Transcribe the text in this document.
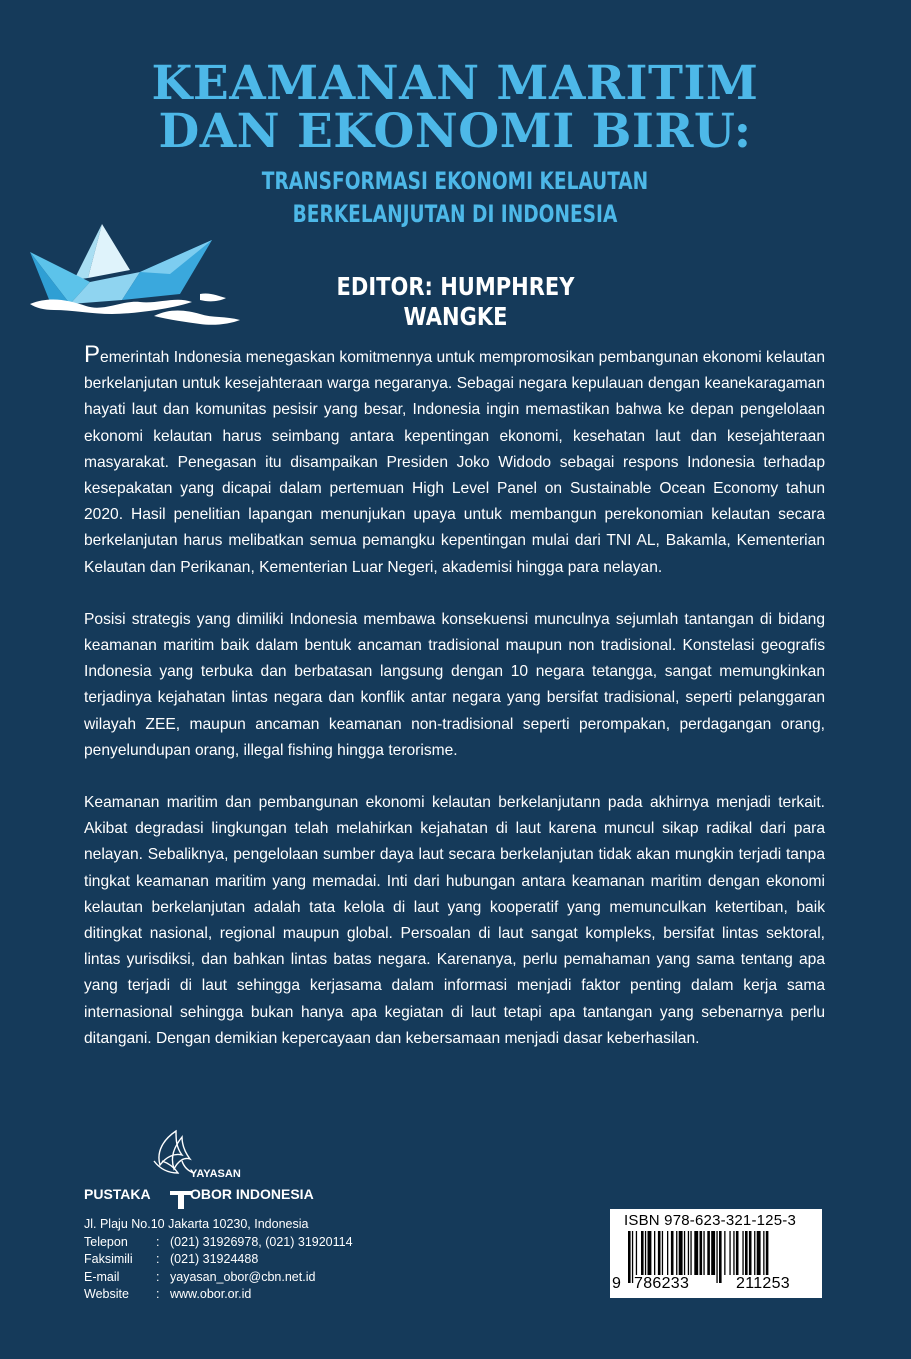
KEAMANAN MARITIM
DAN EKONOMI BIRU:
TRANSFORMASI EKONOMI KELAUTAN
BERKELANJUTAN DI INDONESIA
EDITOR: HUMPHREY WANGKE

Pemerintah Indonesia menegaskan komitmennya untuk mempromosikan pembangunan ekonomi kelautan berkelanjutan untuk kesejahteraan warga negaranya. Sebagai negara kepulauan dengan keanekaragaman hayati laut dan komunitas pesisir yang besar, Indonesia ingin memastikan bahwa ke depan pengelolaan ekonomi kelautan harus seimbang antara kepentingan ekonomi, kesehatan laut dan kesejahteraan masyarakat. Penegasan itu disampaikan Presiden Joko Widodo sebagai respons Indonesia terhadap kesepakatan yang dicapai dalam pertemuan High Level Panel on Sustainable Ocean Economy tahun 2020. Hasil penelitian lapangan menunjukan upaya untuk membangun perekonomian kelautan secara berkelanjutan harus melibatkan semua pemangku kepentingan mulai dari TNI AL, Bakamla, Kementerian Kelautan dan Perikanan, Kementerian Luar Negeri, akademisi hingga para nelayan.

Posisi strategis yang dimiliki Indonesia membawa konsekuensi munculnya sejumlah tantangan di bidang keamanan maritim baik dalam bentuk ancaman tradisional maupun non tradisional. Konstelasi geografis Indonesia yang terbuka dan berbatasan langsung dengan 10 negara tetangga, sangat memungkinkan terjadinya kejahatan lintas negara dan konflik antar negara yang bersifat tradisional, seperti pelanggaran wilayah ZEE, maupun ancaman keamanan non-tradisional seperti perompakan, perdagangan orang, penyelundupan orang, illegal fishing hingga terorisme.

Keamanan maritim dan pembangunan ekonomi kelautan berkelanjutann pada akhirnya menjadi terkait. Akibat degradasi lingkungan telah melahirkan kejahatan di laut karena muncul sikap radikal dari para nelayan. Sebaliknya, pengelolaan sumber daya laut secara berkelanjutan tidak akan mungkin terjadi tanpa tingkat keamanan maritim yang memadai. Inti dari hubungan antara keamanan maritim dengan ekonomi kelautan berkelanjutan adalah tata kelola di laut yang kooperatif yang memunculkan ketertiban, baik ditingkat nasional, regional maupun global. Persoalan di laut sangat kompleks, bersifat lintas sektoral, lintas yurisdiksi, dan bahkan lintas batas negara. Karenanya, perlu pemahaman yang sama tentang apa yang terjadi di laut sehingga kerjasama dalam informasi menjadi faktor penting dalam kerja sama internasional sehingga bukan hanya apa kegiatan di laut tetapi apa tantangan yang sebenarnya perlu ditangani. Dengan demikian kepercayaan dan kebersamaan menjadi dasar keberhasilan.

YAYASAN
PUSTAKA	OBOR INDONESIA
Jl. Plaju No.10 Jakarta 10230, Indonesia
Telepon	: (021) 31926978, (021) 31920114
Faksimili	: (021) 31924488
E-mail	: yayasan_obor@cbn.net.id
Website	: www.obor.or.id
ISBN 978-623-321-125-3
9 786233	211253
